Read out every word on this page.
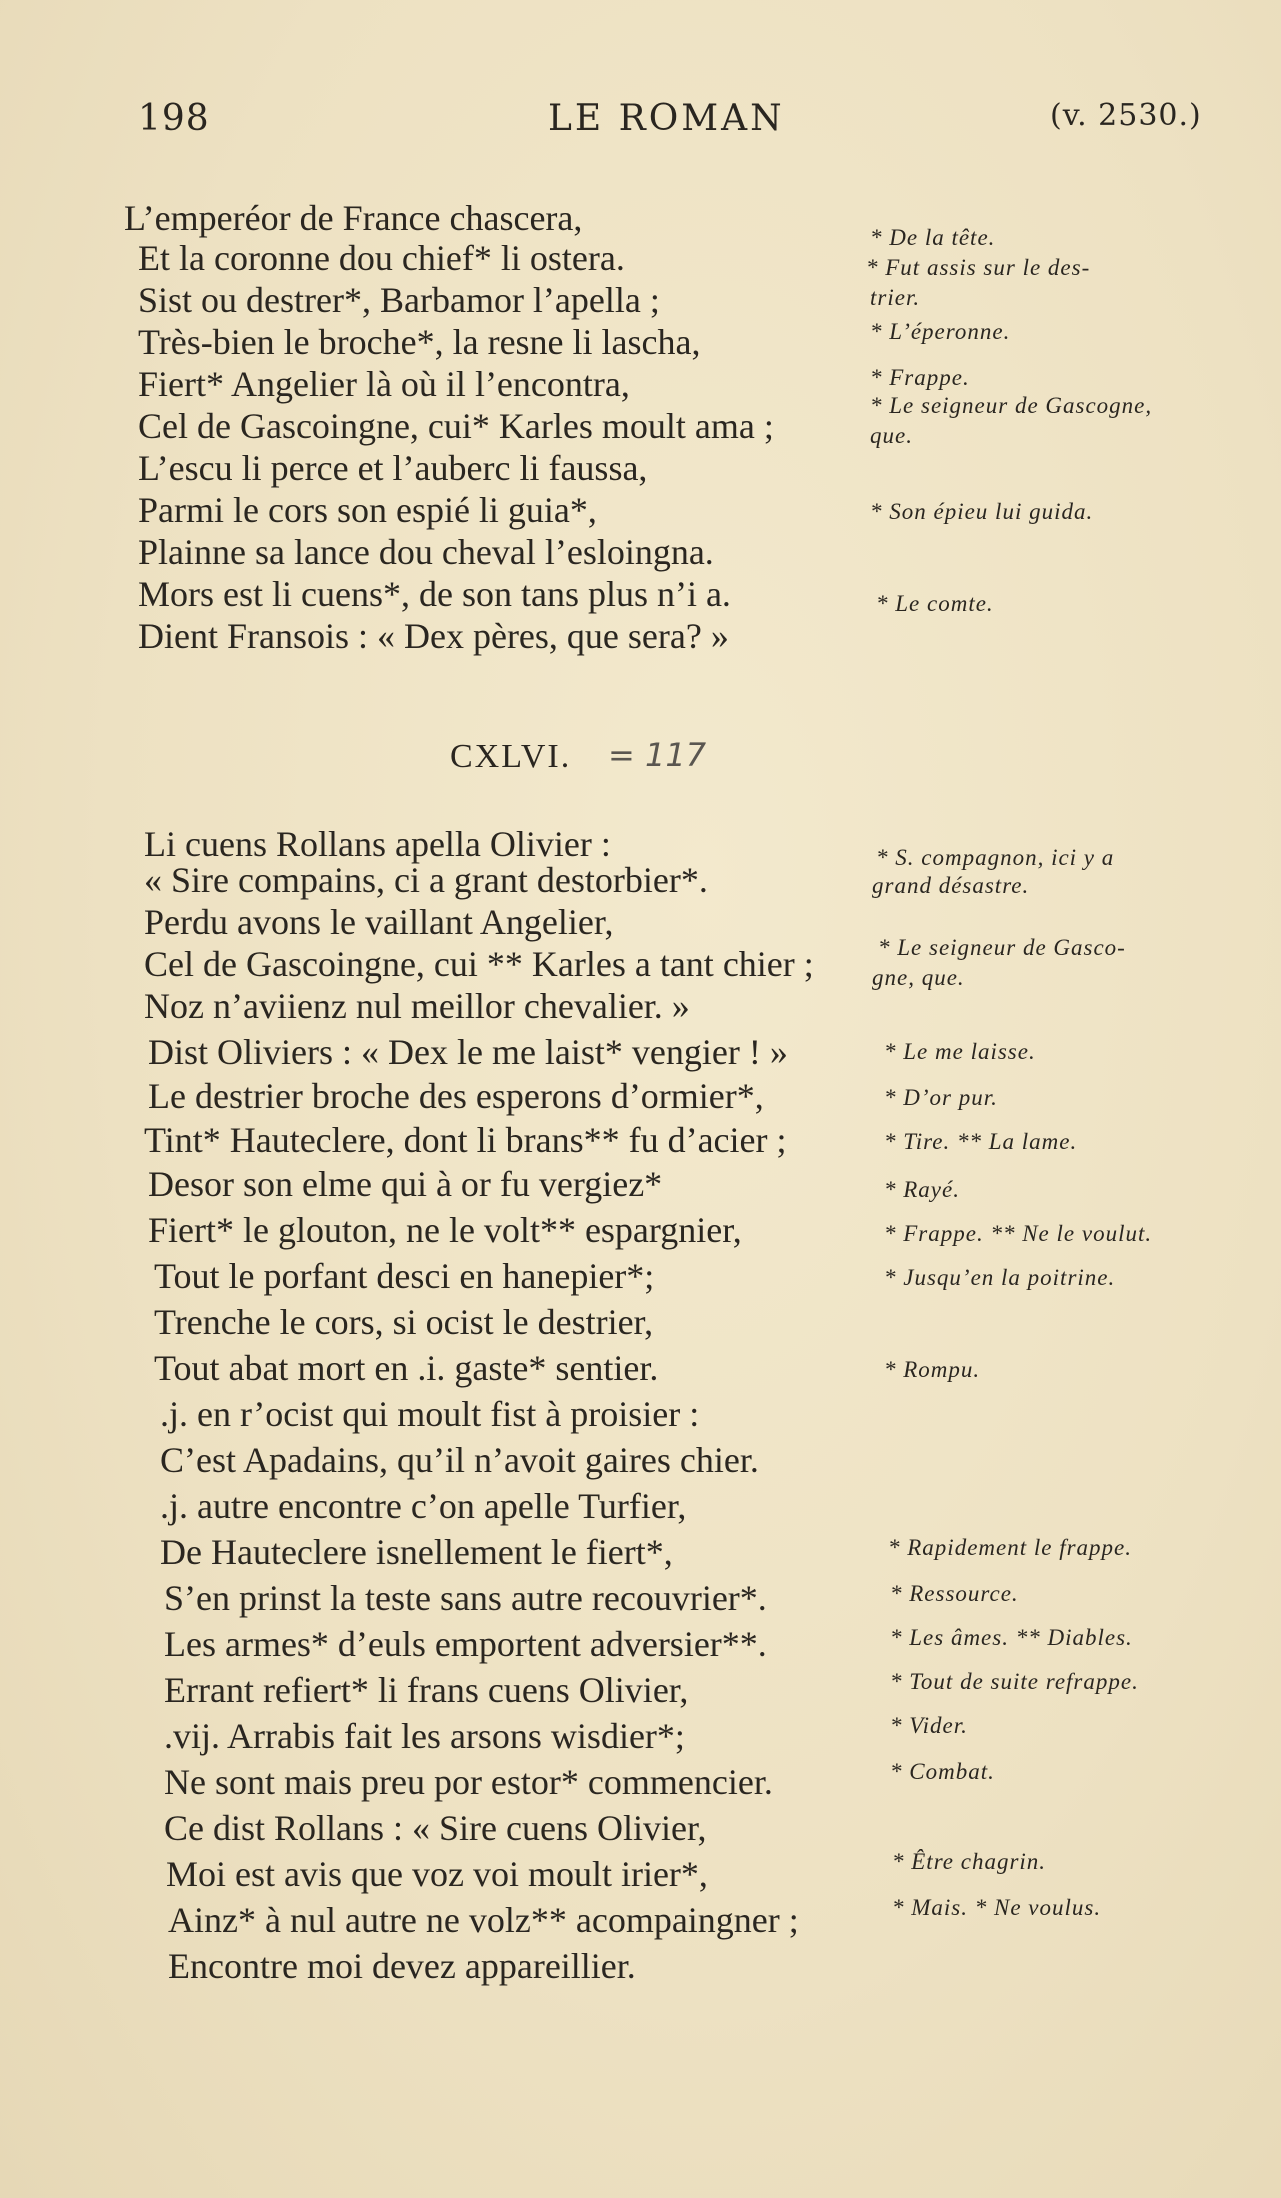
198	LE ROMAN	(v. 2530.)
L’emperéor de France chascera,
Et la coronne dou chief* li ostera.
Sist ou destrer*, Barbamor l’apella ;
Très-bien le broche*, la resne li lascha,
Fiert* Angelier là où il l’encontra,
Cel de Gascoingne, cui* Karles moult ama ;
L’escu li perce et l’auberc li faussa,
Parmi le cors son espié li guia*,
Plainne sa lance dou cheval l’esloingna.
Mors est li cuens*, de son tans plus n’i a.
Dient Fransois : « Dex pères, que sera? »
* De la tête.
* Fut assis sur le des-
trier.
* L’éperonne.
* Frappe.
* Le seigneur de Gascogne,
que.
* Son épieu lui guida.
* Le comte.
CXLVI. = 117
Li cuens Rollans apella Olivier :
« Sire compains, ci a grant destorbier*.
Perdu avons le vaillant Angelier,
Cel de Gascoingne, cui ** Karles a tant chier ;
Noz n’aviienz nul meillor chevalier. »
Dist Oliviers : « Dex le me laist* vengier ! »
Le destrier broche des esperons d’ormier*,
Tint* Hauteclere, dont li brans** fu d’acier ;
Desor son elme qui à or fu vergiez*
Fiert* le glouton, ne le volt** espargnier,
Tout le porfant desci en hanepier*;
Trenche le cors, si ocist le destrier,
Tout abat mort en .i. gaste* sentier.
.j. en r’ocist qui moult fist à proisier :
C’est Apadains, qu’il n’avoit gaires chier.
.j. autre encontre c’on apelle Turfier,
De Hauteclere isnellement le fiert*,
S’en prinst la teste sans autre recouvrier*.
Les armes* d’euls emportent adversier**.
Errant refiert* li frans cuens Olivier,
.vij. Arrabis fait les arsons wisdier*;
Ne sont mais preu por estor* commencier.
Ce dist Rollans : « Sire cuens Olivier,
Moi est avis que voz voi moult irier*,
Ainz* à nul autre ne volz** acompaingner ;
Encontre moi devez appareillier.
* S. compagnon, ici y a
grand désastre.
* Le seigneur de Gasco-
gne, que.
* Le me laisse.
* D’or pur.
* Tire. ** La lame.
* Rayé.
* Frappe. ** Ne le voulut.
* Jusqu’en la poitrine.
* Rompu.
* Rapidement le frappe.
* Ressource.
* Les âmes. ** Diables.
* Tout de suite refrappe.
* Vider.
* Combat.
* Être chagrin.
* Mais. * Ne voulus.
